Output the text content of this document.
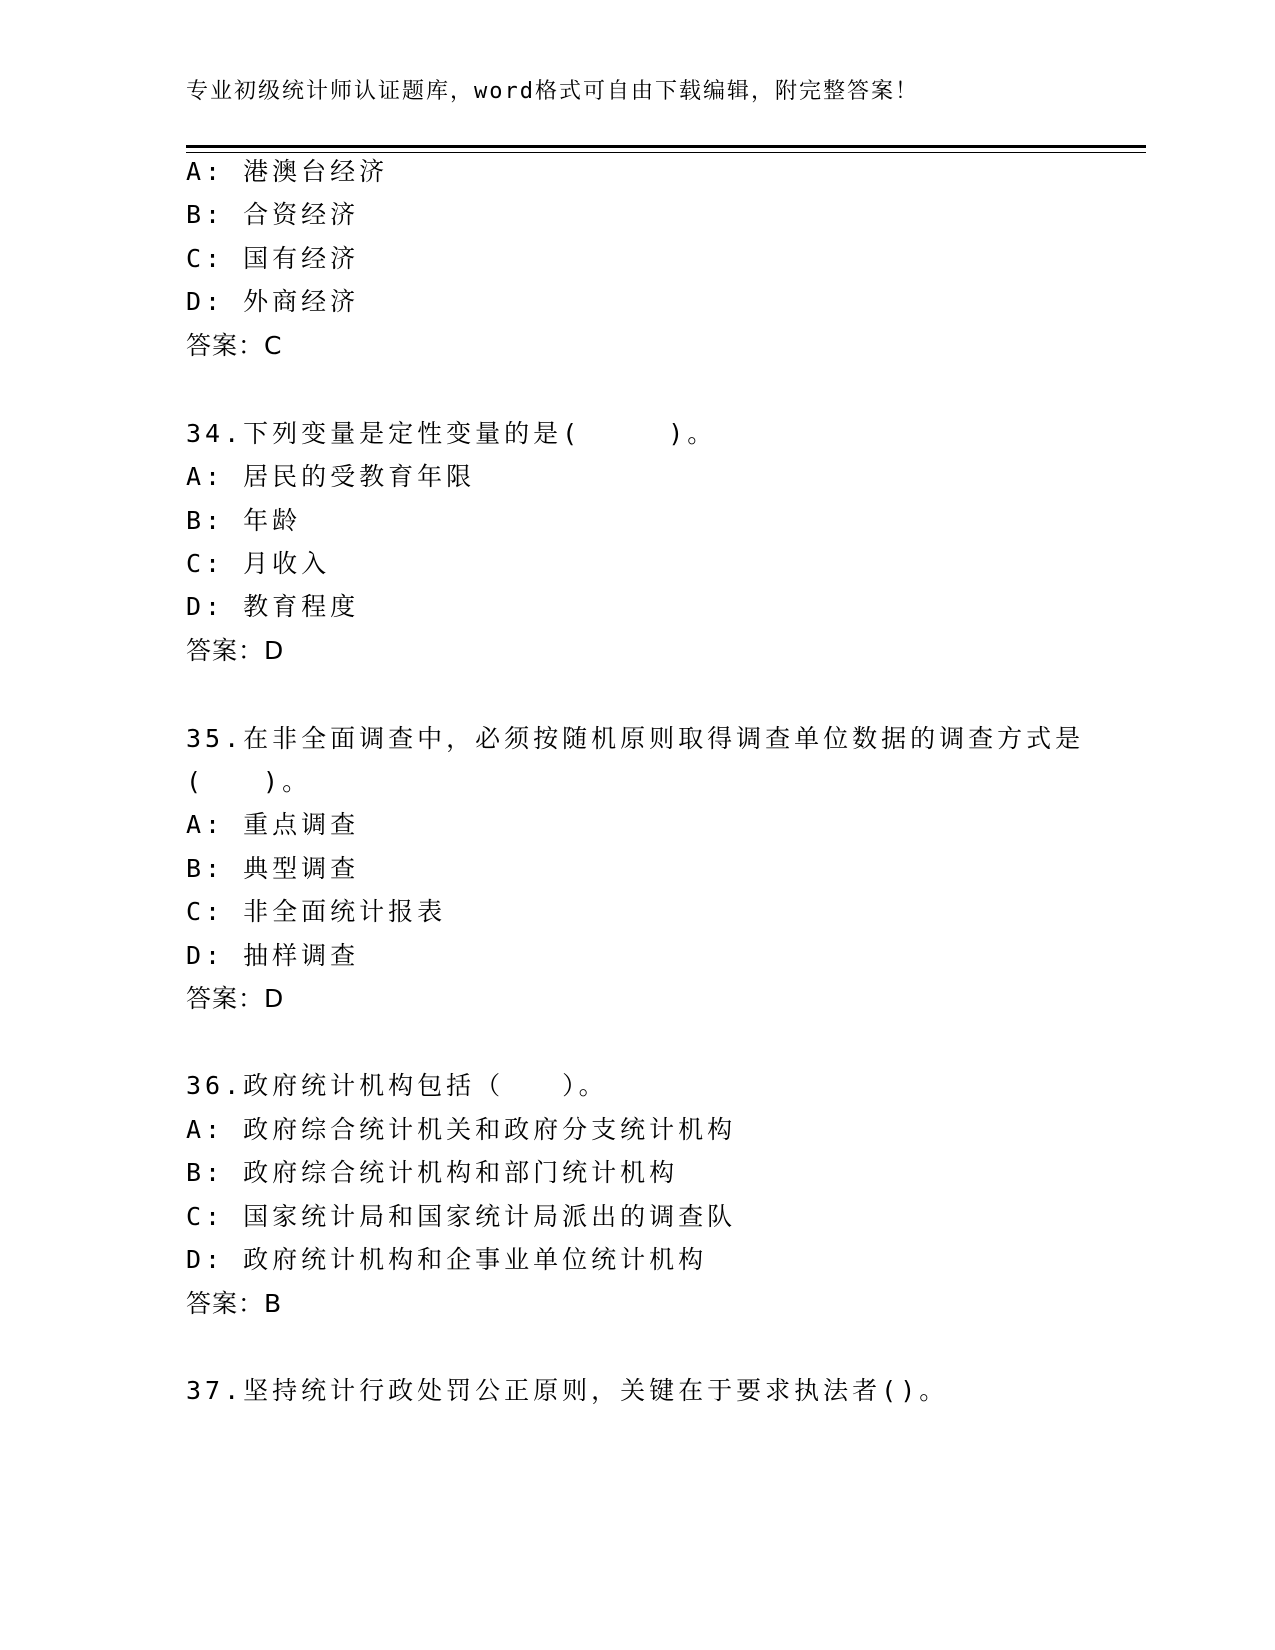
专业初级统计师认证题库，word格式可自由下载编辑，附完整答案！
A: 港澳台经济
B: 合资经济
C: 国有经济
D: 外商经济
答案：C
34.下列变量是定性变量的是(　　　)。
A: 居民的受教育年限
B: 年龄
C: 月收入
D: 教育程度
答案：D
35.在非全面调查中，必须按随机原则取得调查单位数据的调查方式是
(　　)。
A: 重点调查
B: 典型调查
C: 非全面统计报表
D: 抽样调查
答案：D
36.政府统计机构包括（　　）。
A: 政府综合统计机关和政府分支统计机构
B: 政府综合统计机构和部门统计机构
C: 国家统计局和国家统计局派出的调查队
D: 政府统计机构和企事业单位统计机构
答案：B
37.坚持统计行政处罚公正原则，关键在于要求执法者()。
